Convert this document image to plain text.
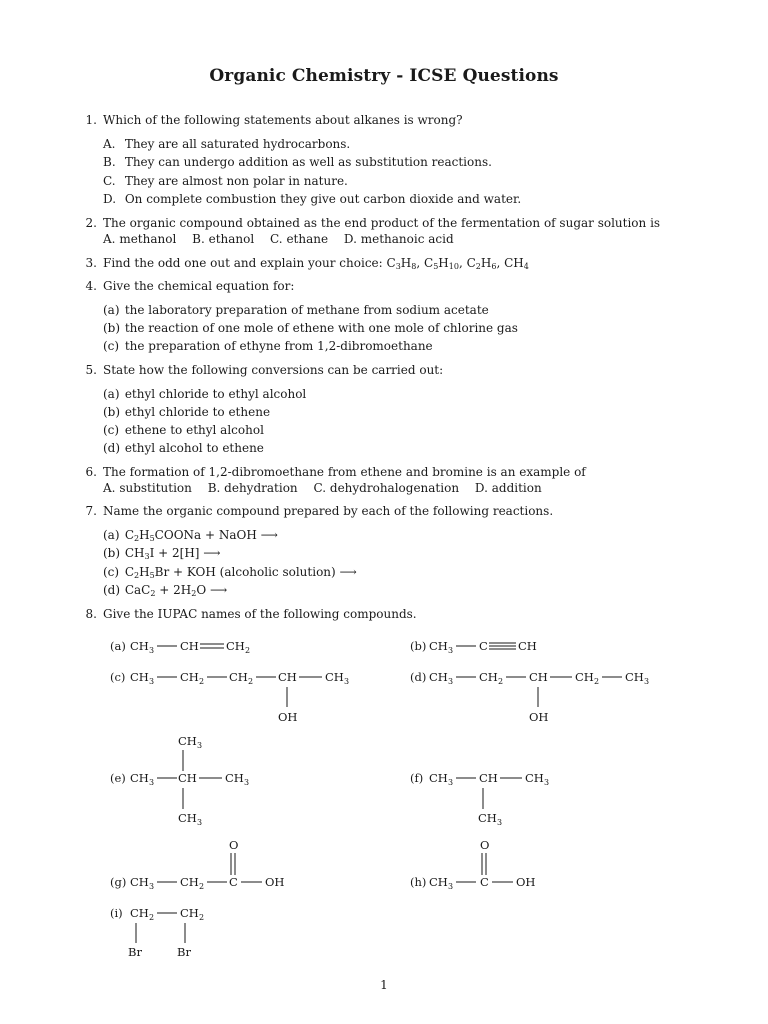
Organic Chemistry - ICSE Questions
1. Which of the following statements about alkanes is wrong?
A. They are all saturated hydrocarbons.
B. They can undergo addition as well as substitution reactions.
C. They are almost non polar in nature.
D. On complete combustion they give out carbon dioxide and water.
2. The organic compound obtained as the end product of the fermentation of sugar solution is
A. methanol B. ethanol C. ethane D. methanoic acid
3. Find the odd one out and explain your choice: $C_3H_8$, $C_5H_{10}$, $C_2H_6$, $CH_4$
4. Give the chemical equation for:
(a) the laboratory preparation of methane from sodium acetate
(b) the reaction of one mole of ethene with one mole of chlorine gas
(c) the preparation of ethyne from 1,2-dibromoethane
5. State how the following conversions can be carried out:
(a) ethyl chloride to ethyl alcohol
(b) ethyl chloride to ethene
(c) ethene to ethyl alcohol
(d) ethyl alcohol to ethene
6. The formation of 1,2-dibromoethane from ethene and bromine is an example of
A. substitution B. dehydration C. dehydrohalogenation D. addition
7. Name the organic compound prepared by each of the following reactions.
(a) $C_2H_5COONa$ + NaOH ⟶
(b) $CH_3I + 2[H]$ ⟶
(c) $C_2H_5Br$ + KOH (alcoholic solution) ⟶
(d) $CaC_2 + 2H_2O$ ⟶
8. Give the IUPAC names of the following compounds.
(a) CH 3 CH CH 2	(b) CH 3 C	CH
(c) CH 3 CH 2 CH 2 CH CH 3
OH
(d) CH 3 CH 2 CH CH 2 CH 3
OH
CH 3
(e) CH 3 CH CH 3
CH 3
(f) CH 3 CH CH 3
CH 3
O
(g) CH 3 CH 2 C OH
O
(h) CH 3 C OH
(i) CH 2 CH 2
Br	Br
1
